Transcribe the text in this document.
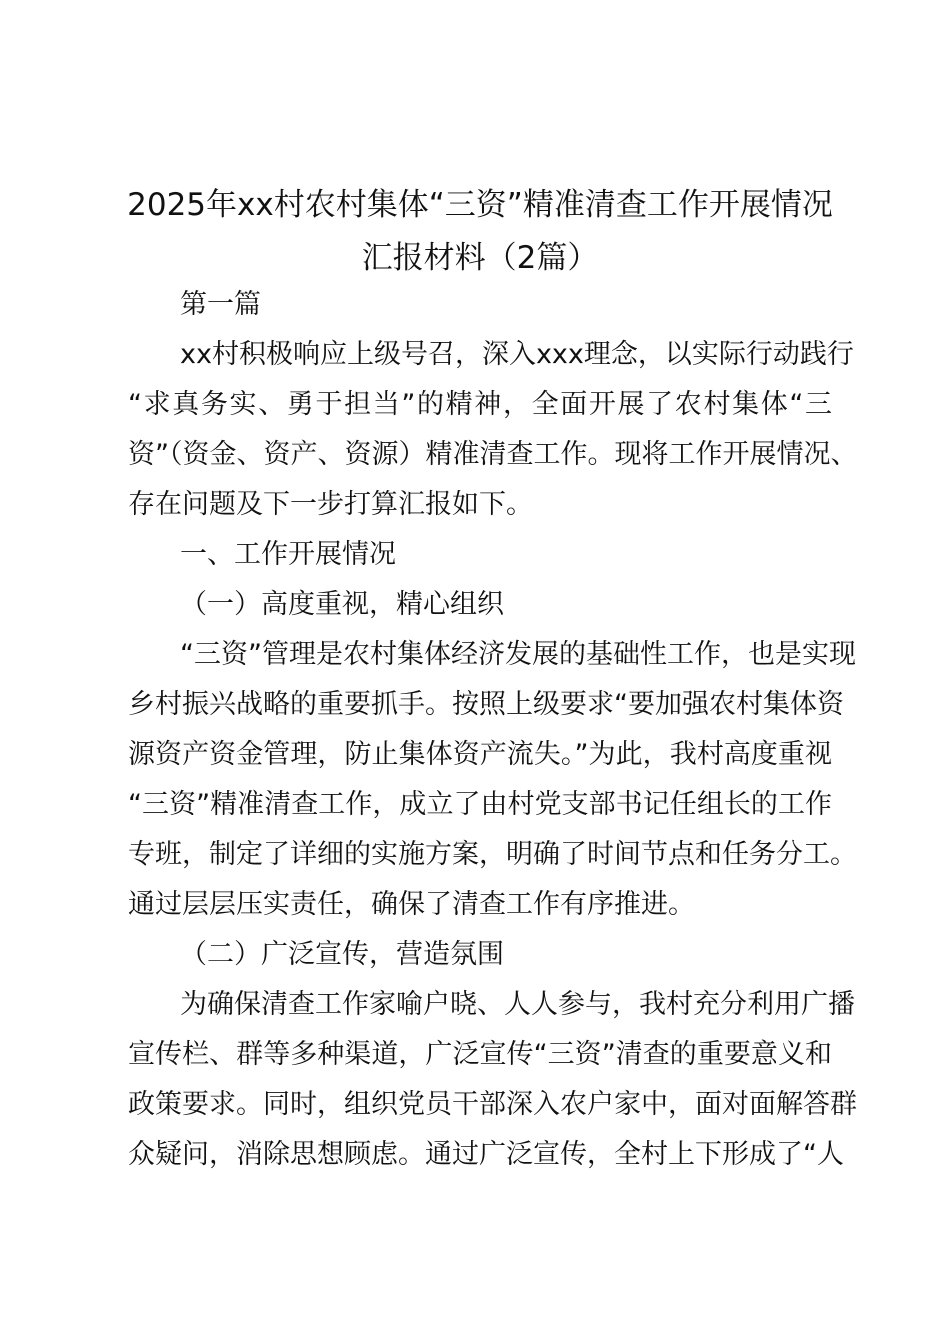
2025年xx村农村集体“三资”精准清查工作开展情况
汇报材料（2篇）
第一篇
xx村积极响应上级号召，深入xxx理念，以实际行动践行
“求真务实、勇于担当”的精神，全面开展了农村集体“三
资”（资金、资产、资源）精准清查工作。现将工作开展情况、
存在问题及下一步打算汇报如下。
一、工作开展情况
（一）高度重视，精心组织
“三资”管理是农村集体经济发展的基础性工作，也是实现
乡村振兴战略的重要抓手。按照上级要求“要加强农村集体资
源资产资金管理，防止集体资产流失。”为此，我村高度重视
“三资”精准清查工作，成立了由村党支部书记任组长的工作
专班，制定了详细的实施方案，明确了时间节点和任务分工。
通过层层压实责任，确保了清查工作有序推进。
（二）广泛宣传，营造氛围
为确保清查工作家喻户晓、人人参与，我村充分利用广播
宣传栏、群等多种渠道，广泛宣传“三资”清查的重要意义和
政策要求。同时，组织党员干部深入农户家中，面对面解答群
众疑问，消除思想顾虑。通过广泛宣传，全村上下形成了“人
